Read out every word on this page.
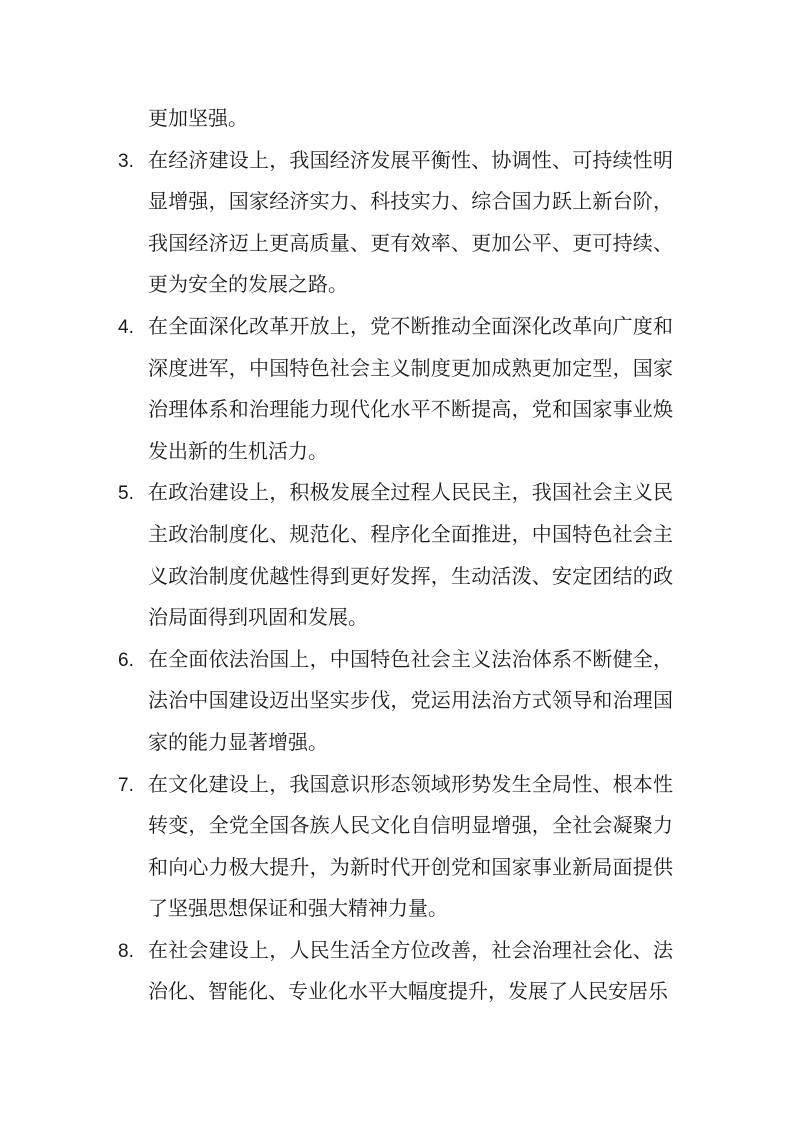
更加坚强。

3. 在经济建设上，我国经济发展平衡性、协调性、可持续性明显增强，国家经济实力、科技实力、综合国力跃上新台阶，我国经济迈上更高质量、更有效率、更加公平、更可持续、更为安全的发展之路。

4. 在全面深化改革开放上，党不断推动全面深化改革向广度和深度进军，中国特色社会主义制度更加成熟更加定型，国家治理体系和治理能力现代化水平不断提高，党和国家事业焕发出新的生机活力。

5. 在政治建设上，积极发展全过程人民民主，我国社会主义民主政治制度化、规范化、程序化全面推进，中国特色社会主义政治制度优越性得到更好发挥，生动活泼、安定团结的政治局面得到巩固和发展。

6. 在全面依法治国上，中国特色社会主义法治体系不断健全，法治中国建设迈出坚实步伐，党运用法治方式领导和治理国家的能力显著增强。

7. 在文化建设上，我国意识形态领域形势发生全局性、根本性转变，全党全国各族人民文化自信明显增强，全社会凝聚力和向心力极大提升，为新时代开创党和国家事业新局面提供了坚强思想保证和强大精神力量。

8. 在社会建设上，人民生活全方位改善，社会治理社会化、法治化、智能化、专业化水平大幅度提升，发展了人民安居乐
